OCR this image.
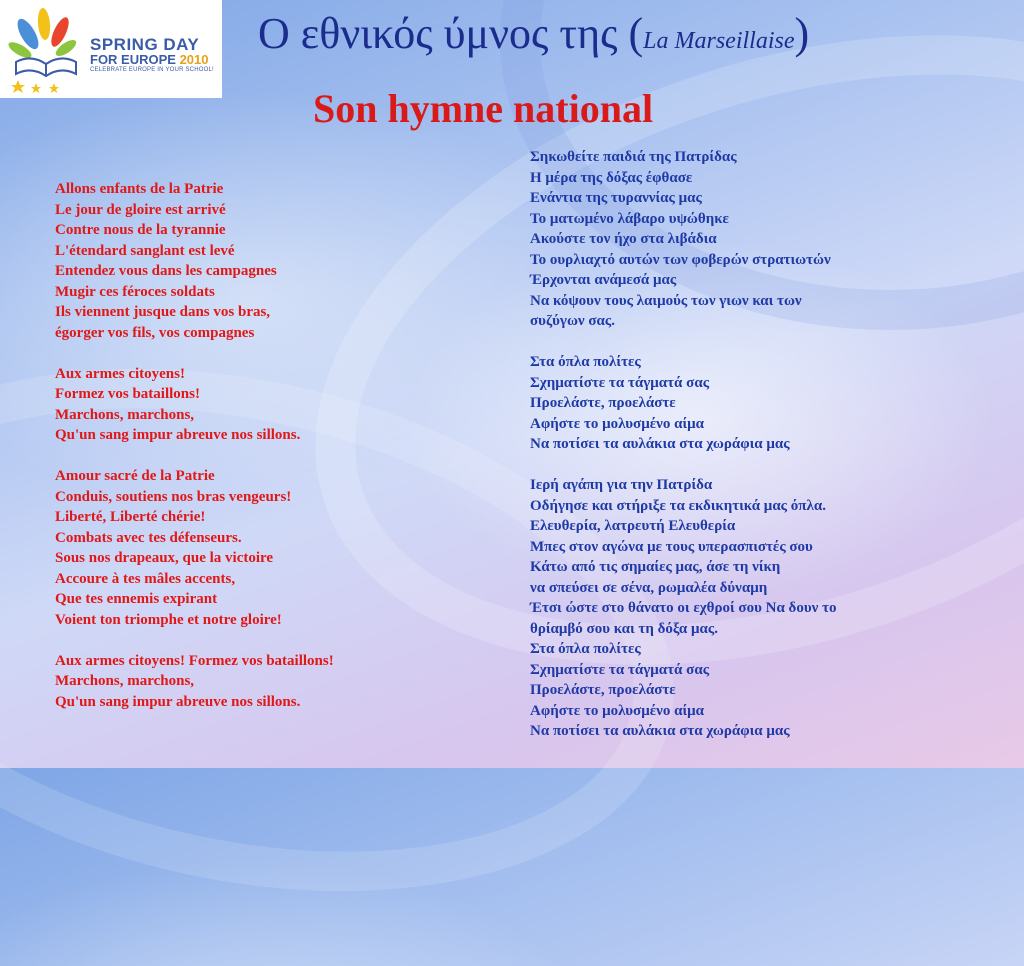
SPRING DAY
FOR EUROPE 2010
CELEBRATE EUROPE IN YOUR SCHOOL!
Ο εθνικός ύμνος της (La Marseillaise)
Son hymne national
Allons enfants de la Patrie
Le jour de gloire est arrivé
Contre nous de la tyrannie
L'étendard sanglant est levé
Entendez vous dans les campagnes
Mugir ces féroces soldats
Ils viennent jusque dans vos bras,
égorger vos fils, vos compagnes
Aux armes citoyens!
Formez vos bataillons!
Marchons, marchons,
Qu'un sang impur abreuve nos sillons.
Amour sacré de la Patrie
Conduis, soutiens nos bras vengeurs!
Liberté, Liberté chérie!
Combats avec tes défenseurs.
Sous nos drapeaux, que la victoire
Accoure à tes mâles accents,
Que tes ennemis expirant
Voient ton triomphe et notre gloire!
Aux armes citoyens! Formez vos bataillons!
Marchons, marchons,
Qu'un sang impur abreuve nos sillons.
Σηκωθείτε παιδιά της Πατρίδας
Η μέρα της δόξας έφθασε
Ενάντια της τυραννίας μας
Το ματωμένο λάβαρο υψώθηκε
Ακούστε τον ήχο στα λιβάδια
Το ουρλιαχτό αυτών των φοβερών στρατιωτών
Έρχονται ανάμεσά μας
Να κόψουν τους λαιμούς των γιων και των
συζύγων σας.
Στα όπλα πολίτες
Σχηματίστε τα τάγματά σας
Προελάστε, προελάστε
Αφήστε το μολυσμένο αίμα
Να ποτίσει τα αυλάκια στα χωράφια μας
Ιερή αγάπη για την Πατρίδα
Οδήγησε και στήριξε τα εκδικητικά μας όπλα.
Ελευθερία, λατρευτή Ελευθερία
Μπες στον αγώνα με τους υπερασπιστές σου
Κάτω από τις σημαίες μας, άσε τη νίκη
να σπεύσει σε σένα, ρωμαλέα δύναμη
Έτσι ώστε στο θάνατο οι εχθροί σου Να δουν το
θρίαμβό σου και τη δόξα μας.
Στα όπλα πολίτες
Σχηματίστε τα τάγματά σας
Προελάστε, προελάστε
Αφήστε το μολυσμένο αίμα
Να ποτίσει τα αυλάκια στα χωράφια μας
